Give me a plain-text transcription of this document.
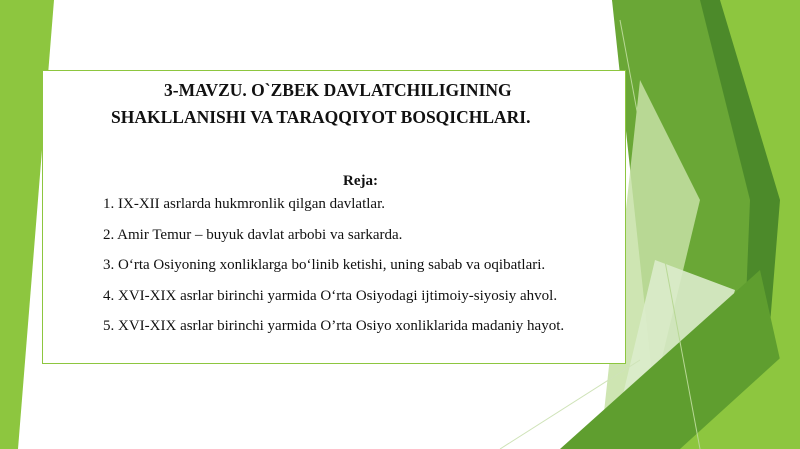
3-MAVZU. O`ZBEK DAVLATCHILIGINING
SHAKLLANISHI VA TARAQQIYOT BOSQICHLARI.
Reja:
1. IX-XII asrlarda hukmronlik qilgan davlatlar.
2. Amir Temur – buyuk davlat arbobi va sarkarda.
3. O‘rta Osiyoning xonliklarga bo‘linib ketishi, uning sabab va oqibatlari.
4. XVI-XIX asrlar birinchi yarmida O‘rta Osiyodagi ijtimoiy-siyosiy ahvol.
5. XVI-XIX asrlar birinchi yarmida O’rta Osiyo xonliklarida madaniy hayot.
